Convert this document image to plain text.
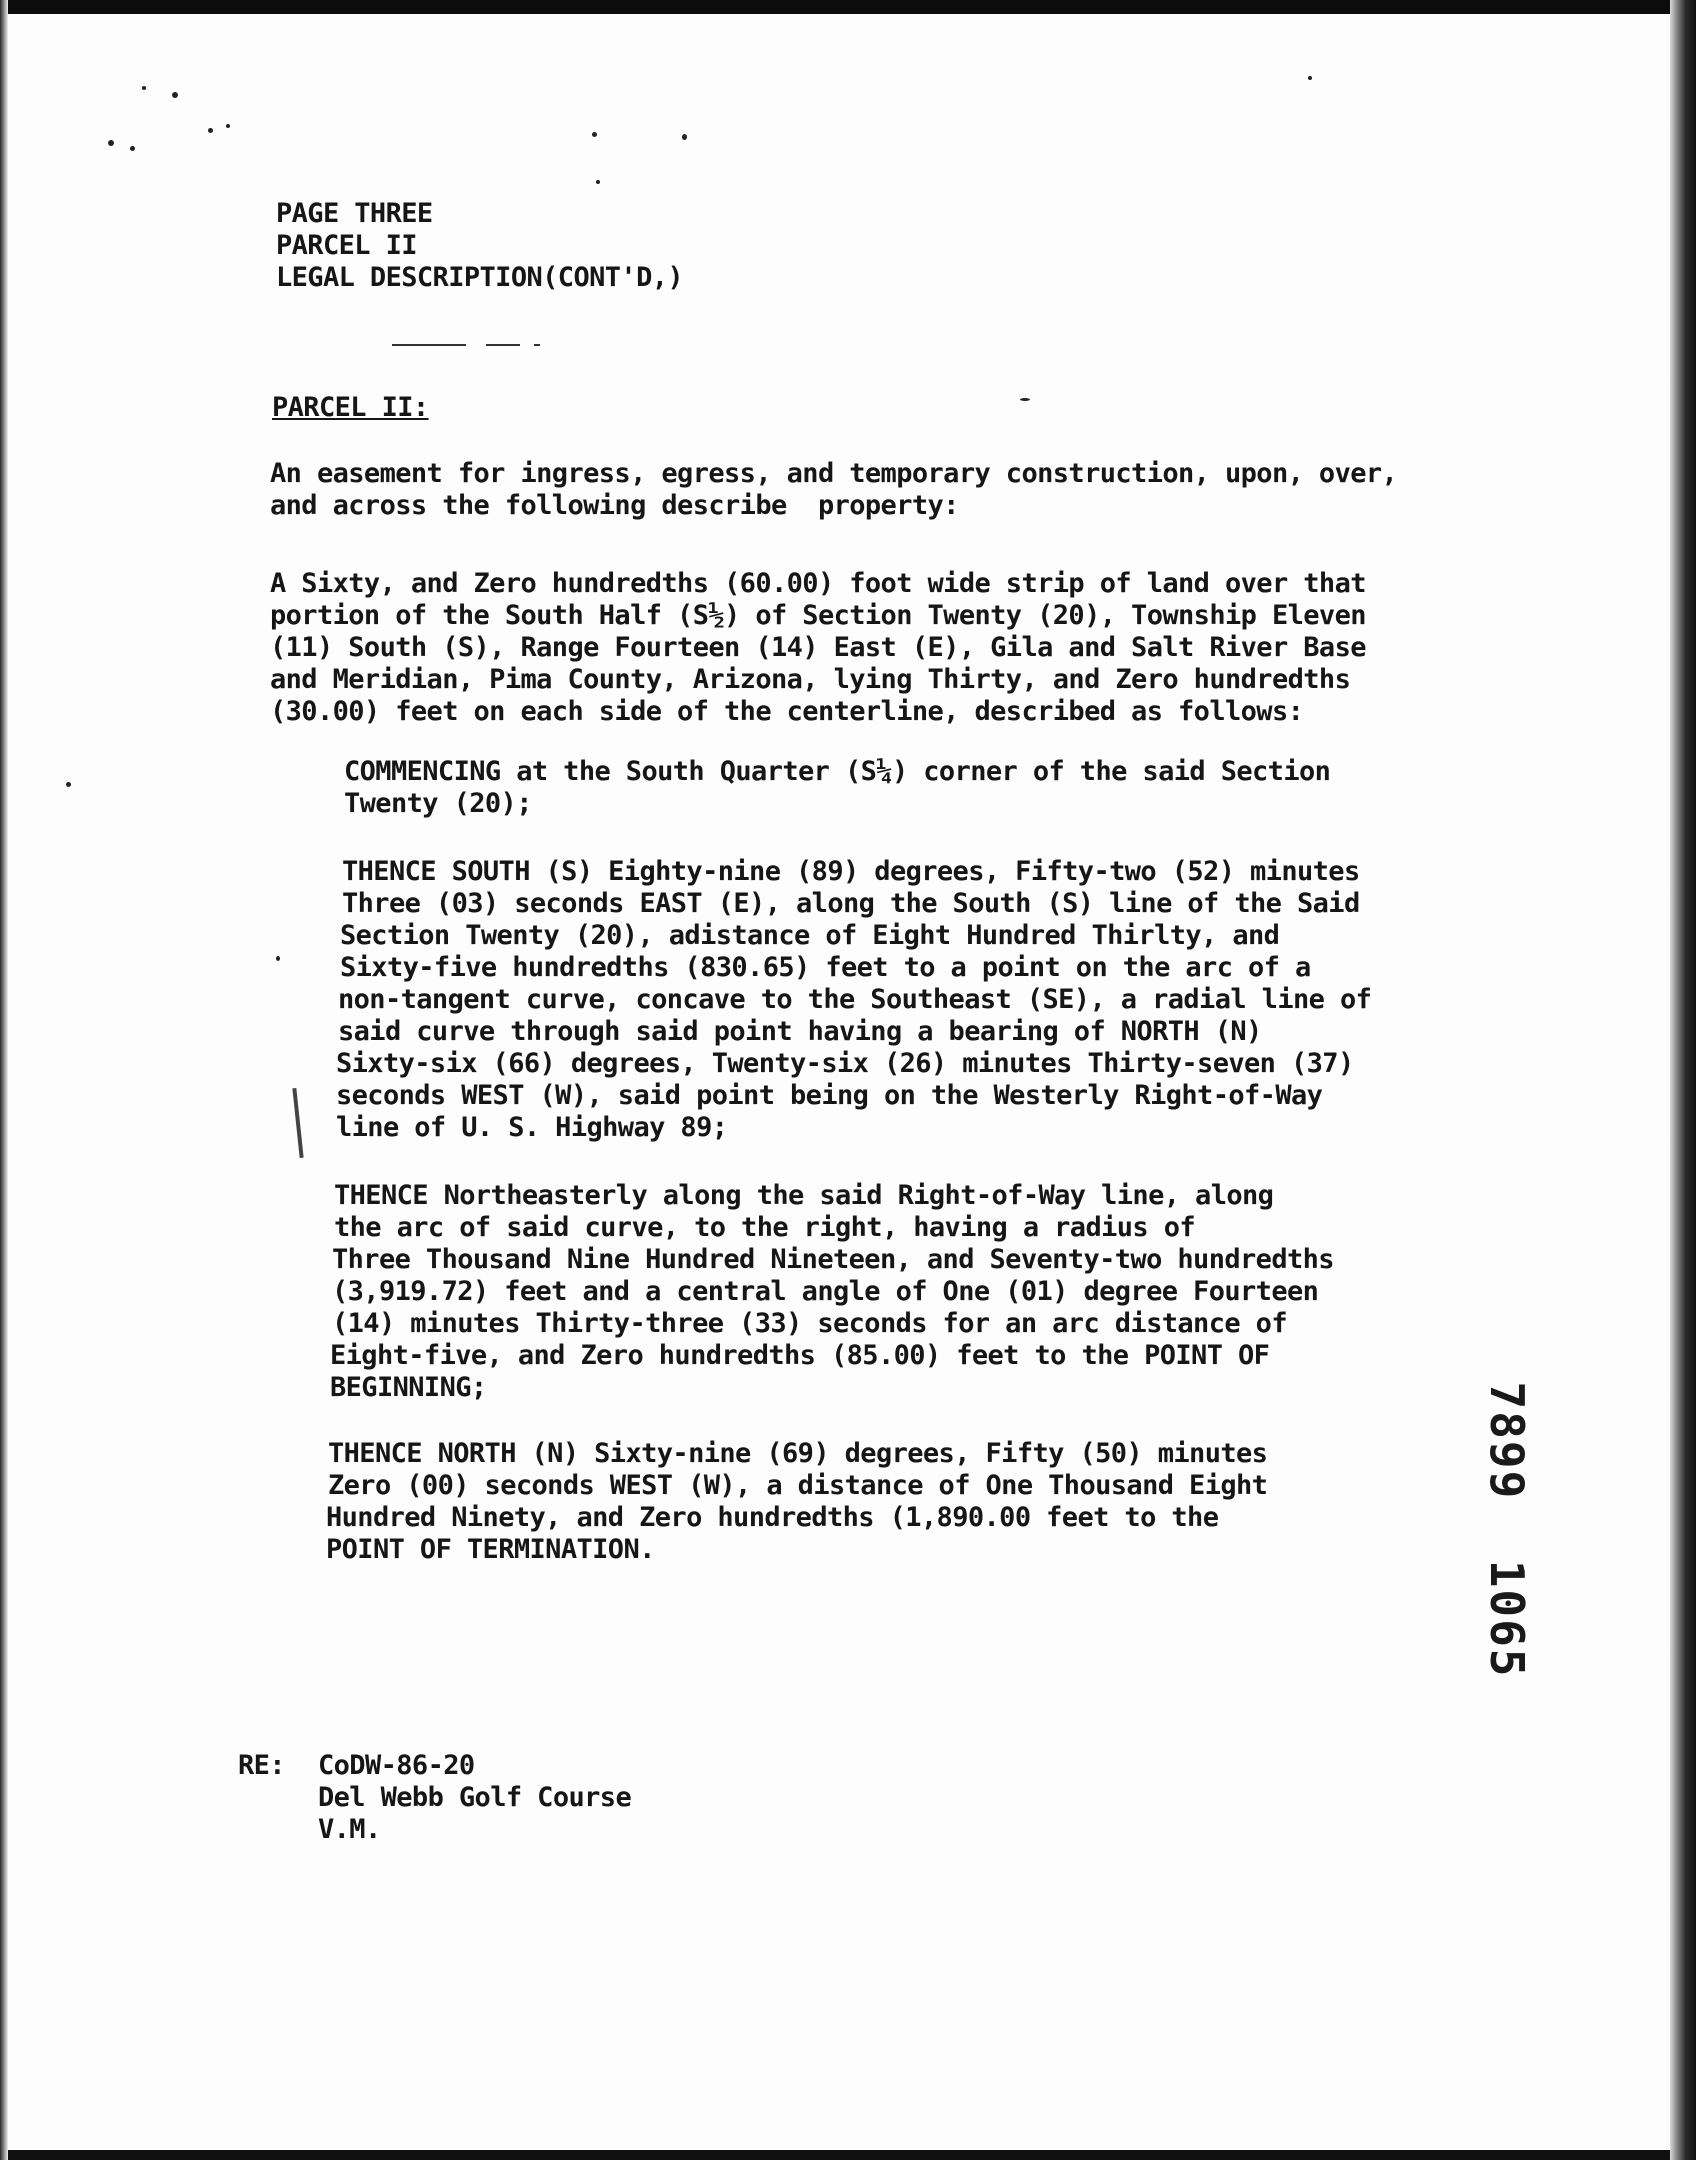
PAGE THREE
PARCEL II
LEGAL DESCRIPTION(CONT'D,)
PARCEL II:
An easement for ingress, egress, and temporary construction, upon, over,
and across the following describe  property:
A Sixty, and Zero hundredths (60.00) foot wide strip of land over that
portion of the South Half (S½) of Section Twenty (20), Township Eleven
(11) South (S), Range Fourteen (14) East (E), Gila and Salt River Base
and Meridian, Pima County, Arizona, lying Thirty, and Zero hundredths
(30.00) feet on each side of the centerline, described as follows:
COMMENCING at the South Quarter (S¼) corner of the said Section
Twenty (20);
THENCE SOUTH (S) Eighty-nine (89) degrees, Fifty-two (52) minutes
Three (03) seconds EAST (E), along the South (S) line of the Said
Section Twenty (20), adistance of Eight Hundred Thirlty, and
Sixty-five hundredths (830.65) feet to a point on the arc of a
non-tangent curve, concave to the Southeast (SE), a radial line of
said curve through said point having a bearing of NORTH (N)
Sixty-six (66) degrees, Twenty-six (26) minutes Thirty-seven (37)
seconds WEST (W), said point being on the Westerly Right-of-Way
line of U. S. Highway 89;
THENCE Northeasterly along the said Right-of-Way line, along
the arc of said curve, to the right, having a radius of
Three Thousand Nine Hundred Nineteen, and Seventy-two hundredths
(3,919.72) feet and a central angle of One (01) degree Fourteen
(14) minutes Thirty-three (33) seconds for an arc distance of
Eight-five, and Zero hundredths (85.00) feet to the POINT OF
BEGINNING;
THENCE NORTH (N) Sixty-nine (69) degrees, Fifty (50) minutes
Zero (00) seconds WEST (W), a distance of One Thousand Eight
Hundred Ninety, and Zero hundredths (1,890.00 feet to the
POINT OF TERMINATION.
RE: CoDW-86-20
Del Webb Golf Course
V.M.
7899  1065
